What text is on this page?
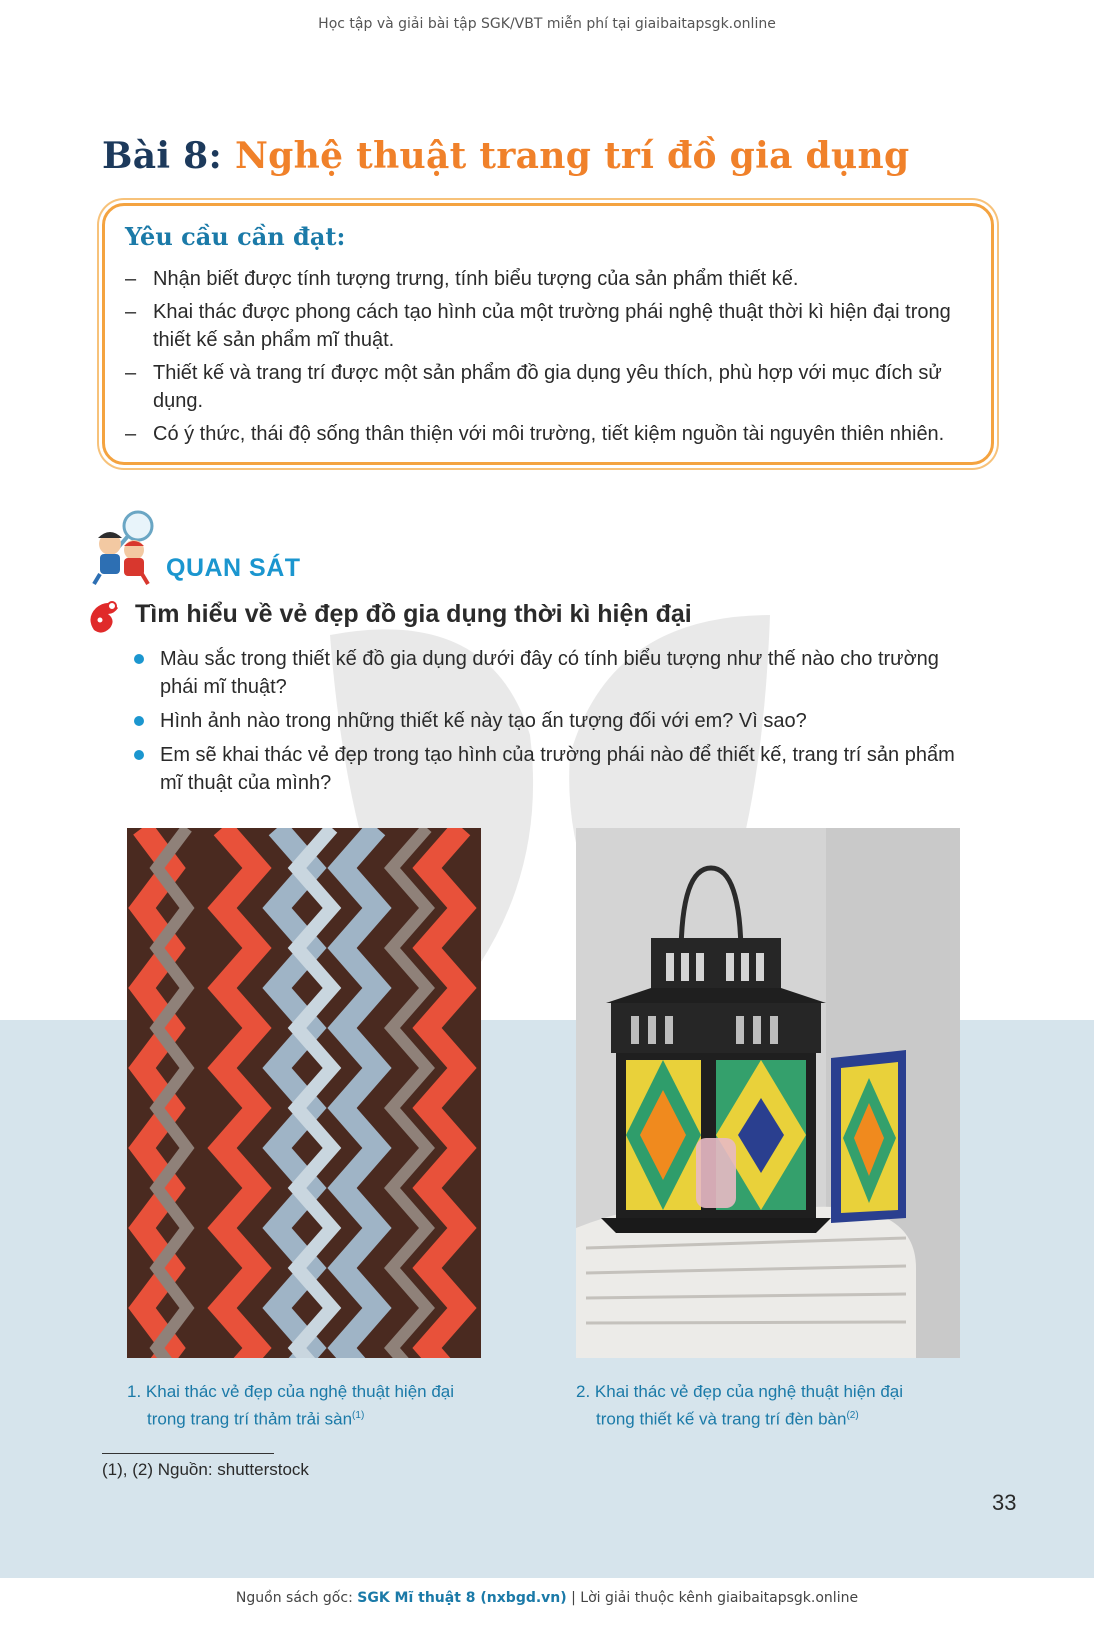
Học tập và giải bài tập SGK/VBT miễn phí tại giaibaitapsgk.online
Bài 8: Nghệ thuật trang trí đồ gia dụng
Yêu cầu cần đạt:
– Nhận biết được tính tượng trưng, tính biểu tượng của sản phẩm thiết kế.
– Khai thác được phong cách tạo hình của một trường phái nghệ thuật thời kì hiện đại trong thiết kế sản phẩm mĩ thuật.
– Thiết kế và trang trí được một sản phẩm đồ gia dụng yêu thích, phù hợp với mục đích sử dụng.
– Có ý thức, thái độ sống thân thiện với môi trường, tiết kiệm nguồn tài nguyên thiên nhiên.
QUAN SÁT
Tìm hiểu về vẻ đẹp đồ gia dụng thời kì hiện đại
Màu sắc trong thiết kế đồ gia dụng dưới đây có tính biểu tượng như thế nào cho trường phái mĩ thuật?
Hình ảnh nào trong những thiết kế này tạo ấn tượng đối với em? Vì sao?
Em sẽ khai thác vẻ đẹp trong tạo hình của trường phái nào để thiết kế, trang trí sản phẩm mĩ thuật của mình?
1. Khai thác vẻ đẹp của nghệ thuật hiện đại
trong trang trí thảm trải sàn$^{(1)}$
2. Khai thác vẻ đẹp của nghệ thuật hiện đại
trong thiết kế và trang trí đèn bàn$^{(2)}$
(1), (2) Nguồn: shutterstock
33
Nguồn sách gốc: SGK Mĩ thuật 8 (nxbgd.vn) | Lời giải thuộc kênh giaibaitapsgk.online
